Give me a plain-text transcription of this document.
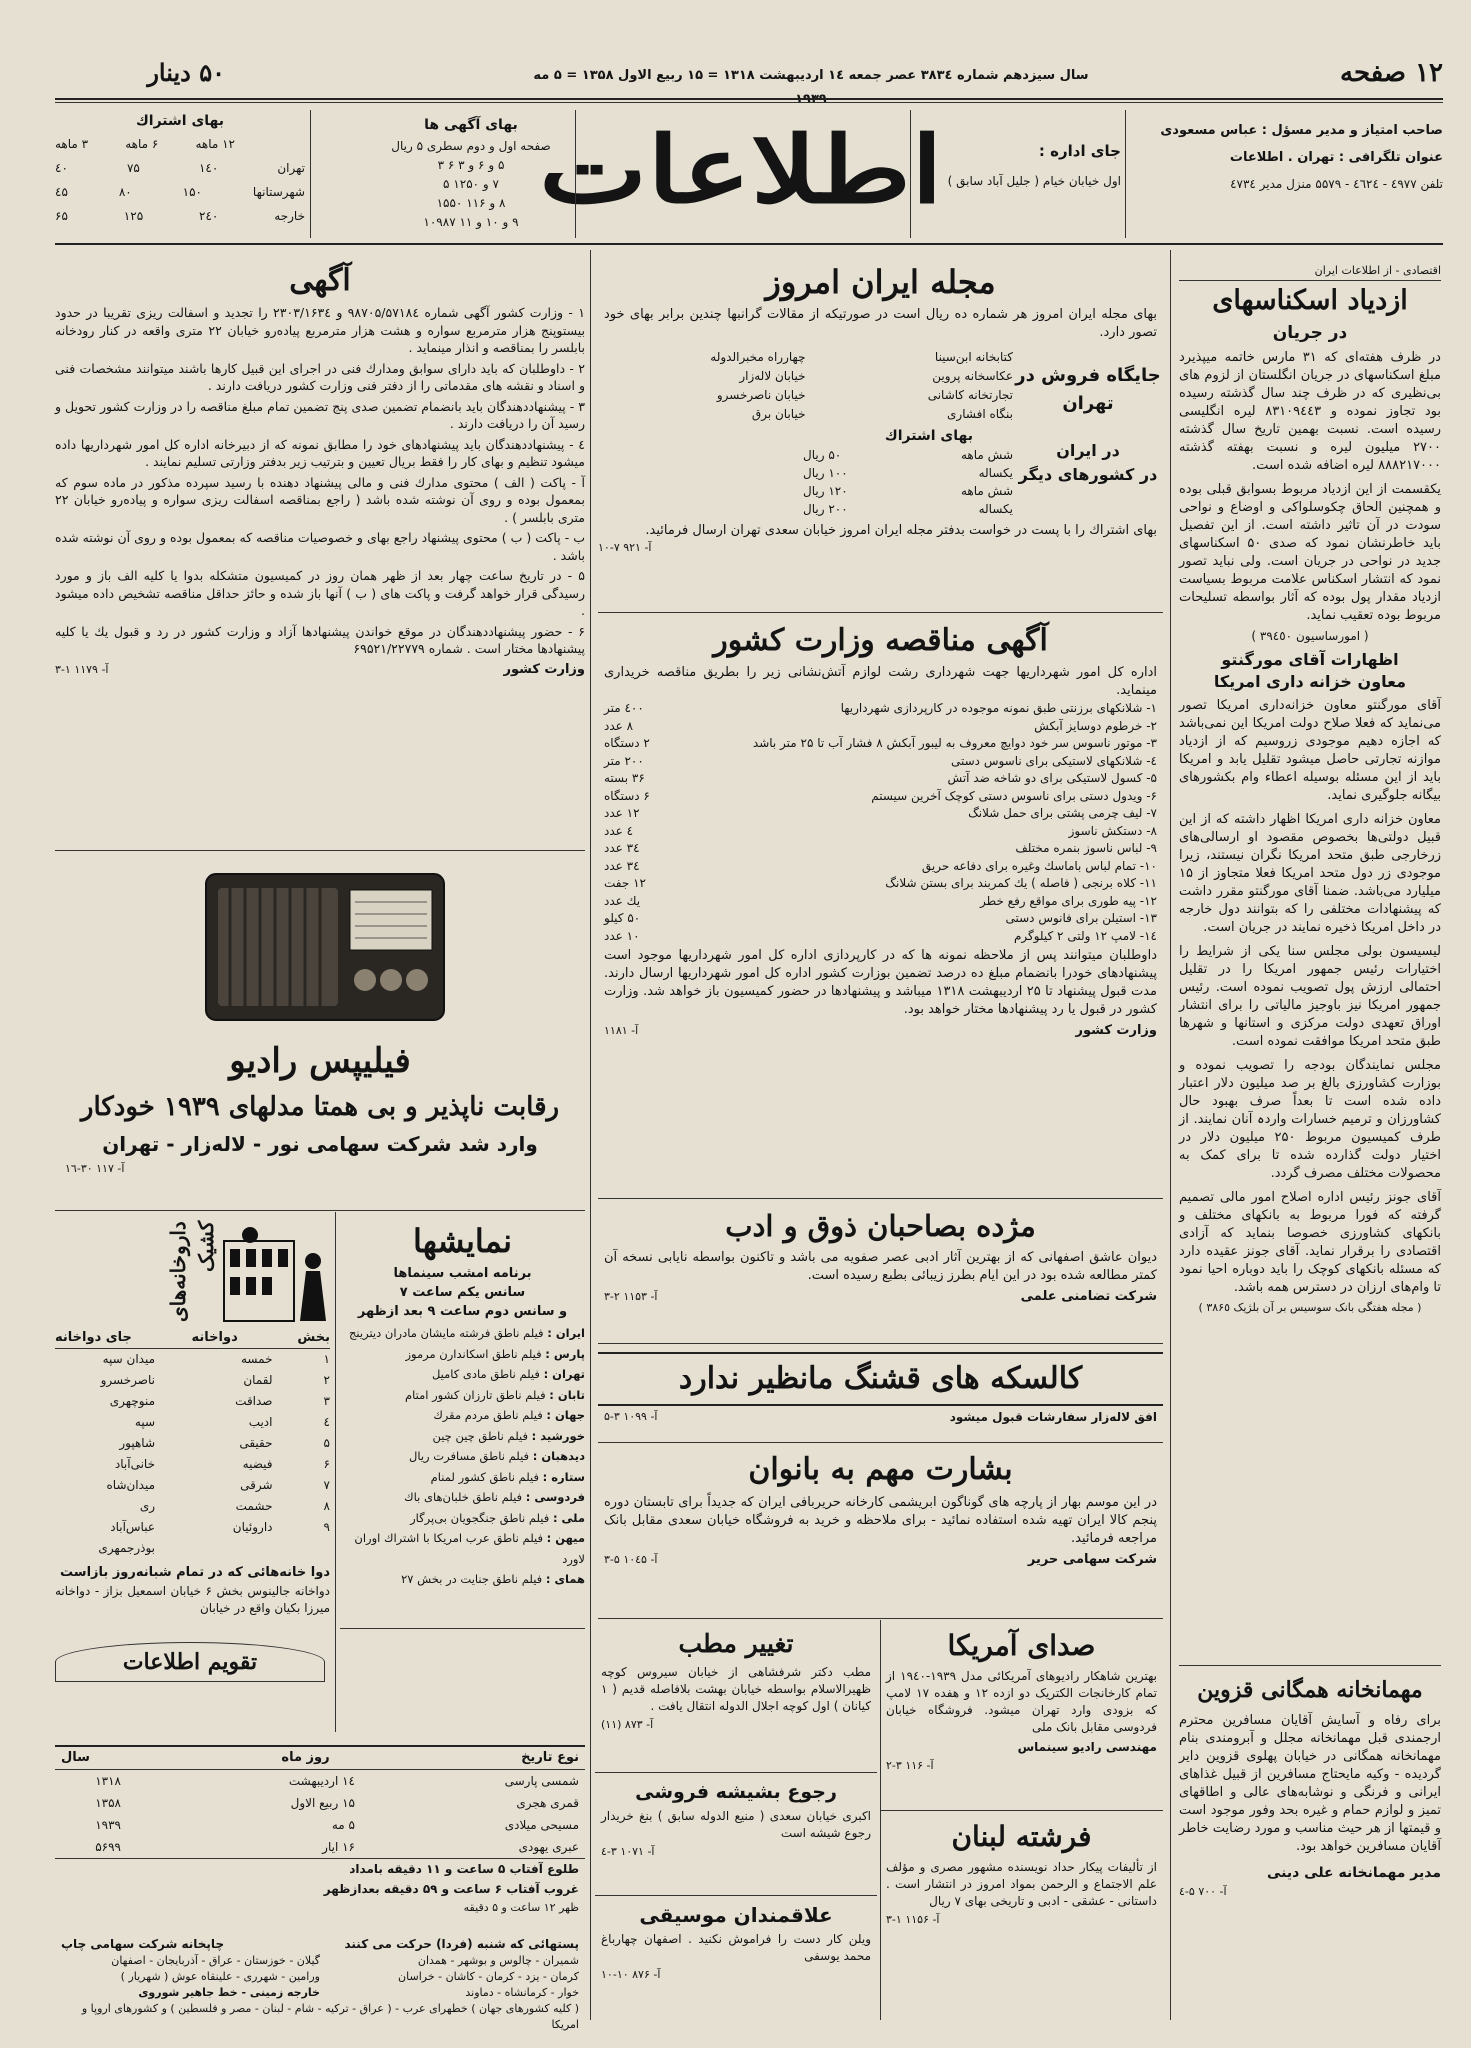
۱۲ صفحه
سال سیزدهم شماره ۳۸۳٤ عصر جمعه ۱٤ اردیبهشت ۱۳۱۸ = ۱۵ ربیع الاول ۱۳۵۸ = ۵ مه ۱۹۳۹
۵۰ دینار
صاحب امتیاز و مدیر مسؤل : عباس مسعودی
عنوان تلگرافی : تهران . اطلاعات
تلفن ٤۹۷۷ - ٤٦۲٤ - ۵۵۷۹ منزل مدیر ٤۷۳٤
جای اداره :
اول خیابان خیام ( جلیل آباد سابق )
اطلاعات
بهای آگهی ها
صفحه اول و دوم سطری ۵ ریال
۵ و ۶ و ۳ ۶ ۳
۷ و ۱۲۵۰ ۵
۸ و ۱۱۶ ۱۵۵۰
۹ و ۱۰ و ۱۱ ۱۰۹۸۷
بهای اشتراك
۱۲ ماهه
۶ ماهه
۳ ماهه
تهران
۱٤۰
۷۵
٤۰
شهرستانها
۱۵۰
۸۰
٤۵
خارجه
۲٤۰
۱۲۵
۶۵
اقتصادی - از اطلاعات ایران
ازدیاد اسکناسهای
در جریان
در ظرف هفته‌ای که ۳۱ مارس خاتمه میپذیرد مبلغ اسکناسهای در جریان انگلستان از لزوم های بی‌نظیری که در ظرف چند سال گذشته رسیده بود تجاوز نموده و ۸۳۱۰۹٤٤۳ لیره انگلیسی رسیده است. نسبت بهمین تاریخ سال گذشته ۲۷۰۰ میلیون لیره و نسبت بهفته گذشته ۸۸۸۲۱۷۰۰۰ لیره اضافه شده است.
یکقسمت از این ازدیاد مربوط بسوابق قبلی بوده و همچنین الحاق چکوسلواکی و اوضاع و نواحی سودت در آن تاثیر داشته است. از این تفصیل باید خاطرنشان نمود که صدی ۵۰ اسکناسهای جدید در نواحی در جریان است. ولی نباید تصور نمود که انتشار اسکناس علامت مربوط بسیاست ازدیاد مقدار پول بوده که آثار بواسطه تسلیحات مربوط بوده تعقیب نماید.
( امورساسیون ۳۹٤٥۰ )
اظهارات آقای مورگنتو
معاون خزانه داری امریکا
آقای مورگنتو معاون خزانه‌داری امریکا تصور می‌نماید که فعلا صلاح دولت امریکا این نمی‌باشد که اجازه دهیم موجودی زروسیم که از ازدیاد موازنه تجارتی حاصل میشود تقلیل یابد و امریکا باید از این مسئله بوسیله اعطاء وام بکشورهای بیگانه جلوگیری نماید.
معاون خزانه داری امریکا اظهار داشته که از این قبیل دولتی‌ها بخصوص مقصود او ارسالی‌های زرخارجی طبق متحد امریکا نگران نیستند، زیرا موجودی زر دول متحد امریکا فعلا متجاوز از ۱۵ میلیارد می‌باشد. ضمنا آقای مورگنتو مقرر داشت که پیشنهادات مختلفی را که بتوانند دول خارجه در داخل امریکا ذخیره نمایند در جریان است.
لیسیسون بولی مجلس سنا یکی از شرایط را اختیارات رئیس جمهور امریکا را در تقلیل احتمالی ارزش پول تصویب نموده است. رئیس جمهور امریکا نیز باوجیز مالیاتی را برای انتشار اوراق تعهدی دولت مرکزی و استانها و شهرها طبق متحد امریکا موافقت نموده است.
مجلس نمایندگان بودجه را تصویب نموده و بوزارت کشاورزی بالغ بر صد میلیون دلار اعتبار داده شده است تا بعداً صرف بهبود حال کشاورزان و ترمیم خسارات واردہ آنان نمایند. از طرف کمیسیون مربوط ۲۵۰ میلیون دلار در اختیار دولت گذارده شده تا برای کمک به محصولات مختلف مصرف گردد.
آقای جونز رئیس اداره اصلاح امور مالی تصمیم گرفته که فورا مربوط به بانکهای مختلف و بانکهای کشاورزی خصوصا بنماید که آزادی اقتصادی را برقرار نماید. آقای جونز عقیده دارد که مسئله بانکهای کوچک را باید دوباره احیا نمود تا وام‌های ارزان در دسترس همه باشد.
( مجله هفتگی بانک سوسیس بر آن بلژیک ۳۸۶٥ )
مهمانخانه همگانی قزوین
برای رفاه و آسایش آقایان مسافرین محترم ارجمندی قبل مهمانخانه مجلل و آبرومندی بنام مهمانخانه همگانی در خیابان پهلوی قزوین دایر گردیده - وکیه مایحتاج مسافرین از قبیل غذاهای ایرانی و فرنگی و نوشابه‌های عالی و اطاقهای تمیز و لوازم حمام و غیره بحد وفور موجود است و قیمتها از هر حیث مناسب و مورد رضایت خاطر آقایان مسافرین خواهد بود.
مدیر مهمانخانه علی دینی
آ- ۷۰۰ ۵-٤
مجله ایران امروز
بهای مجله ایران امروز هر شماره ده ریال است در صورتیکه از مقالات گرانبها چندین برابر بهای خود تصور دارد.
جایگاه فروش در تهران
کتابخانه ابن‌سینا
چهارراه مخبرالدوله
عکاسخانه پروین
خیابان لاله‌زار
تجارتخانه کاشانی
خیابان ناصرخسرو
بنگاه افشاری
خیابان برق
در ایران
در کشورهای دیگر
بهای اشتراك
شش ماهه
۵۰ ریال
یکساله
۱۰۰ ریال
شش ماهه
۱۲۰ ریال
یکساله
۲۰۰ ریال
بهای اشتراك را با پست در خواست بدفتر مجله ایران امروز خیابان سعدی تهران ارسال فرمائید.
آ- ۹۲۱ ۷-۱۰
آگهی مناقصه وزارت کشور
اداره کل امور شهرداریها جهت شهرداری رشت لوازم آتش‌نشانی زیر را بطریق مناقصه خریداری مینماید.
۱- شلانکهای برزنتی طبق نمونه موجوده در کارپردازی شهرداریها
٤۰۰ متر
۲- خرطوم دوسایز آبکش
۸ عدد
۳- موتور ناسوس سر خود دوایچ معروف به لیبور آبکش ۸ فشار آب تا ۲۵ متر باشد
۲ دستگاه
٤- شلانکهای لاستیکی برای ناسوس دستی
۲۰۰ متر
۵- کسول لاستیکی برای دو شاخه ضد آتش
۳۶ بسته
۶- ویدول دستی برای ناسوس دستی کوچک آخرین سیستم
۶ دستگاه
۷- لیف چرمی پشتی برای حمل شلانگ
۱۲ عدد
۸- دستکش ناسوز
٤ عدد
۹- لباس ناسوز بنمره مختلف
۳٤ عدد
۱۰- تمام لباس باماسك وغیره برای دفاعه حریق
۳٤ عدد
۱۱- کلاه برنجی ( فاصله ) یك کمربند برای بستن شلانگ
۱۲ جفت
۱۲- پیه طوری برای مواقع رفع خطر
یك عدد
۱۳- استیلن برای فانوس دستی
۵۰ کیلو
۱٤- لامپ ۱۲ ولتی ۲ کیلوگرم
۱۰ عدد
داوطلبان میتوانند پس از ملاحظه نمونه ها که در کارپردازی اداره کل امور شهرداریها موجود است پیشنهادهای خودرا بانضمام مبلغ ده درصد تضمین بوزارت کشور اداره کل امور شهرداریها ارسال دارند. مدت قبول پیشنهاد تا ۲۵ اردیبهشت ۱۳۱۸ میباشد و پیشنهادها در حضور کمیسیون باز خواهد شد. وزارت کشور در قبول یا رد پیشنهادها مختار خواهد بود.
وزارت کشور
آ- ۱۱۸۱
مژده بصاحبان ذوق و ادب
دیوان عاشق اصفهانی که از بهترین آثار ادبی عصر صفویه می باشد و تاکنون بواسطه نایابی نسخه آن کمتر مطالعه شده بود در این ایام بطرز زیبائی بطبع رسیده است.
شرکت تضامنی علمی
آ- ۱۱۵۳ ۲-۳
کالسکه های قشنگ مانظیر ندارد
افق لاله‌زار سفارشات قبول میشود
آ- ۱۰۹۹ ۳-۵
بشارت مهم به بانوان
در این موسم بهار از پارچه های گوناگون ابریشمی کارخانه حریربافی ایران که جدیداً برای تابستان دوره پنجم کالا ایران تهیه شده استفاده نمائید - برای ملاحظه و خرید به فروشگاه خیابان سعدی مقابل بانک مراجعه فرمائید.
شرکت سهامی حریر
آ- ۱۰٤۵ ۵-۳
صدای آمریکا
بهترین شاهکار رادیوهای آمریکائی مدل ۱۹۳۹-۱۹٤۰ از تمام کارخانجات الکتریک دو ازده ۱۲ و هفده ۱۷ لامپ که بزودی وارد تهران میشود. فروشگاه خیابان فردوسی مقابل بانک ملی
مهندسی رادیو سینماس
آ- ۱۱۶ ۳-۲
فرشته لبنان
از تألیفات پیکار حداد نویسنده مشهور مصری و مؤلف علم الاجتماع و الرحمن بمواد امروز در انتشار است . داستانی - عشقی - ادبی و تاریخی بهای ۷ ریال
آ- ۱۱۵۶ ۱-۳
تغییر مطب
مطب دکتر شرفشاهی از خیابان سیروس کوچه ظهیرالاسلام بواسطه خیابان بهشت بلافاصله قدیم ( ۱ کیانان ) اول کوچه اجلال الدوله انتقال یافت .
آ- ۸۷۳ (۱۱)
رجوع بشیشه فروشی
اکبری خیابان سعدی ( منیع الدوله سابق ) بنغ خریدار رجوع شیشه است
آ- ۱۰۷۱ ۳-٤
علاقمندان موسیقی
ویلن کار دست را فراموش نکنید . اصفهان چهارباغ محمد یوسفی
آ- ۸۷۶ ۱۰-۱۰
آگهی
۱ - وزارت کشور آگهی شماره ۹۸۷۰۵/۵۷۱۸٤ و ۲۳۰۳/۱۶۳٤ را تجدید و اسفالت ریزی تقریبا در حدود بیستوپنج هزار مترمربع سواره و هشت هزار مترمربع پیاده‌رو خیابان ۲۲ متری واقعه در کنار رودخانه بابلسر را بمناقصه و انذار مینماید .
۲ - داوطلبان که باید دارای سوابق ومدارك فنی در اجرای این قبیل کارها باشند میتوانند مشخصات فنی و اسناد و نقشه های مقدماتی را از دفتر فنی وزارت کشور دریافت دارند .
۳ - پیشنهاددهندگان باید بانضمام تضمین صدی پنج تضمین تمام مبلغ مناقصه را در وزارت کشور تحویل و رسید آن را دریافت دارند .
٤ - پیشنهاددهندگان باید پیشنهادهای خود را مطابق نمونه که از دبیرخانه اداره کل امور شهرداریها داده میشود تنظیم و بهای کار را فقط بریال تعیین و بترتیب زیر بدفتر وزارتی تسلیم نمایند .
آ - پاکت ( الف ) محتوی مدارك فنی و مالی پیشنهاد دهنده با رسید سپرده مذکور در ماده سوم که بمعمول بوده و روی آن نوشته شده باشد ( راجع بمناقصه اسفالت ریزی سواره و پیاده‌رو خیابان ۲۲ متری بابلسر ) .
ب - پاکت ( ب ) محتوی پیشنهاد راجع بهای و خصوصیات مناقصه که بمعمول بوده و روی آن نوشته شده باشد .
۵ - در تاریخ ساعت چهار بعد از ظهر همان روز در کمیسیون متشکله بدوا یا کلیه الف باز و مورد رسیدگی قرار خواهد گرفت و پاکت های ( ب ) آنها باز شده و حائز حداقل مناقصه تشخیص داده میشود .
۶ - حضور پیشنهاددهندگان در موقع خواندن پیشنهادها آزاد و وزارت کشور در رد و قبول یك یا کلیه پیشنهادها مختار است . شماره ۶۹۵۲۱/۲۲۷۷۹
وزارت کشور
آ- ۱۱۷۹ ۱-۳
فیلیپس رادیو
رقابت ناپذیر و بی همتا مدلهای ۱۹۳۹ خودکار
وارد شد شرکت سهامی نور - لاله‌زار - تهران
آ- ۱۱۷ ۳۰-۱٦
داروخانه‌های کشیک
بخش
دواخانه
جای دواخانه
۱
خمسه
میدان سپه
۲
لقمان
ناصرخسرو
۳
صداقت
منوچهری
٤
ادیب
سپه
۵
حقیقی
شاهپور
۶
فیضیه
خانی‌آباد
۷
شرقی
میدان‌شاه
۸
حشمت
ری
۹
داروئیان
عباس‌آباد
بوذرجمهری
دوا خانه‌هائی که در تمام شبانه‌روز بازاست
دواخانه جالینوس بخش ۶ خیابان اسمعیل بزاز - دواخانه میرزا بکیان واقع در خیابان
نمایشها
برنامه امشب سینماها
سانس یکم ساعت ۷
و سانس دوم ساعت ۹ بعد ازظهر
ایران : فیلم ناطق فرشته مایشان مادران دیترینج
پارس : فیلم ناطق اسکاندارن مرموز
تهران : فیلم ناطق مادی کامیل
تابان : فیلم ناطق تارزان کشور امتام
جهان : فیلم ناطق مردم مقرك
خورشید : فیلم ناطق چین چین
دیدهبان : فیلم ناطق مسافرت ریال
ستاره : فیلم ناطق کشور لمنام
فردوسی : فیلم ناطق خلبان‌های باك
ملی : فیلم ناطق جنگجویان بی‌پرگار
میهن : فیلم ناطق عرب امریکا با اشتراك اوران لاورد
همای : فیلم ناطق جنایت در بخش ۲۷
تقویم اطلاعات
نوع تاریخ
روز ماه
سال
شمسی پارسی
۱٤ اردیبهشت
۱۳۱۸
قمری هجری
۱۵ ربیع الاول
۱۳۵۸
مسیحی میلادی
۵ مه
۱۹۳۹
عبری یهودی
۱۶ ایار
۵۶۹۹
طلوع آفتاب ۵ ساعت و ۱۱ دقیقه بامداد
غروب آفتاب ۶ ساعت و ۵۹ دقیقه بعدازظهر
ظهر ۱۲ ساعت و ۵ دقیقه
پستهائی که شنبه (فردا) حرکت می کنند
چاپخانه شرکت سهامی چاپ
شمیران - چالوس و بوشهر - همدان
گیلان - خوزستان - عراق - آذربایجان - اصفهان
کرمان - یزد - کرمان - کاشان - خراسان
ورامین - شهرری - علینقاه عوش ( شهریار )
خوار - کرمانشاه - دماوند
خارجه زمینی - خط جاهیر شوروی
( کلیه کشورهای جهان ) خطهرای عرب - ( عراق - ترکیه - شام - لبنان - مصر و فلسطین ) و کشورهای اروپا و امریکا
